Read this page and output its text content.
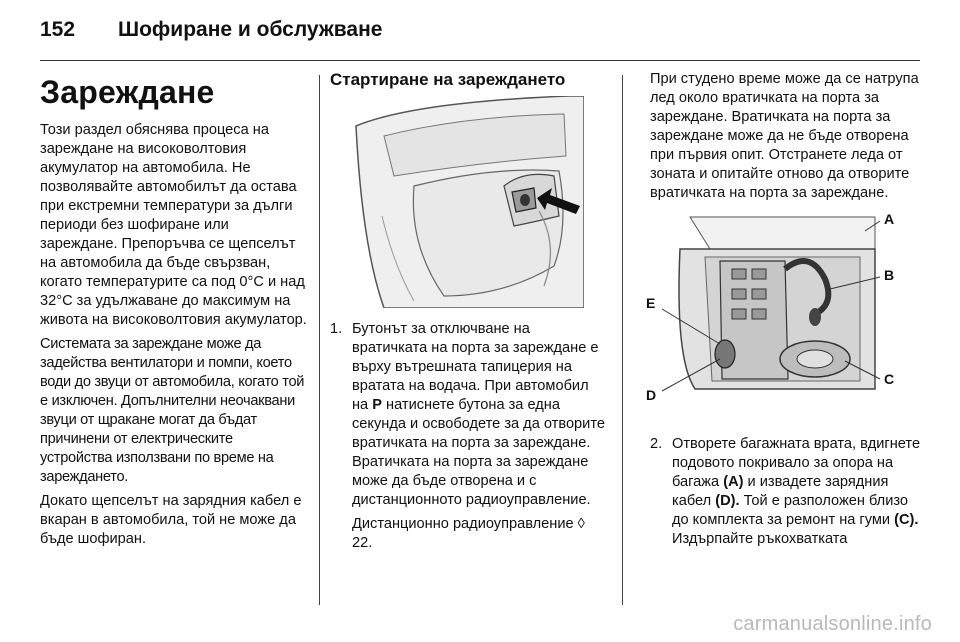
152 Шофиране и обслужване
Зареждане

Този раздел обяснява процеса на зареждане на високоволтовия акумулатор на автомобила. Не позволявайте автомобилът да остава при екстремни температури за дълги периоди без шофиране или зареждане. Препоръчва се щепселът на автомобила да бъде свързван, когато температурите са под 0°C и над 32°C за удължаване до максимум на живота на високоволтовия акумулатор.

Системата за зареждане може да задейства вентилатори и помпи, което води до звуци от автомобила, когато той е изключен. Допълнителни неочаквани звуци от щракане могат да бъдат причинени от електрическите устройства използвани по време на зареждането.

Докато щепселът на зарядния кабел е вкаран в автомобила, той не може да бъде шофиран.

Стартиране на зареждането
1. Бутонът за отключване на вратичката на порта за зареждане е върху вътрешната тапицерия на вратата на водача. При автомобил на P натиснете бутона за една секунда и освободете за да отворите вратичката на порта за зареждане. Вратичката на порта за зареждане може да бъде отворена и с дистанционното радиоуправление.

Дистанционно радиоуправление ◊ 22.

При студено време може да се натрупа лед около вратичката на порта за зареждане. Вратичката на порта за зареждане може да не бъде отворена при първия опит. Отстранете леда от зоната и опитайте отново да отворите вратичката на порта за зареждане.

A
B
C
D
E
2. Отворете багажната врата, вдигнете подовото покривало за опора на багажа (A) и извадете зарядния кабел (D). Той е разположен близо до комплекта за ремонт на гуми (C). Издърпайте ръкохватката

carmanualsonline.info
